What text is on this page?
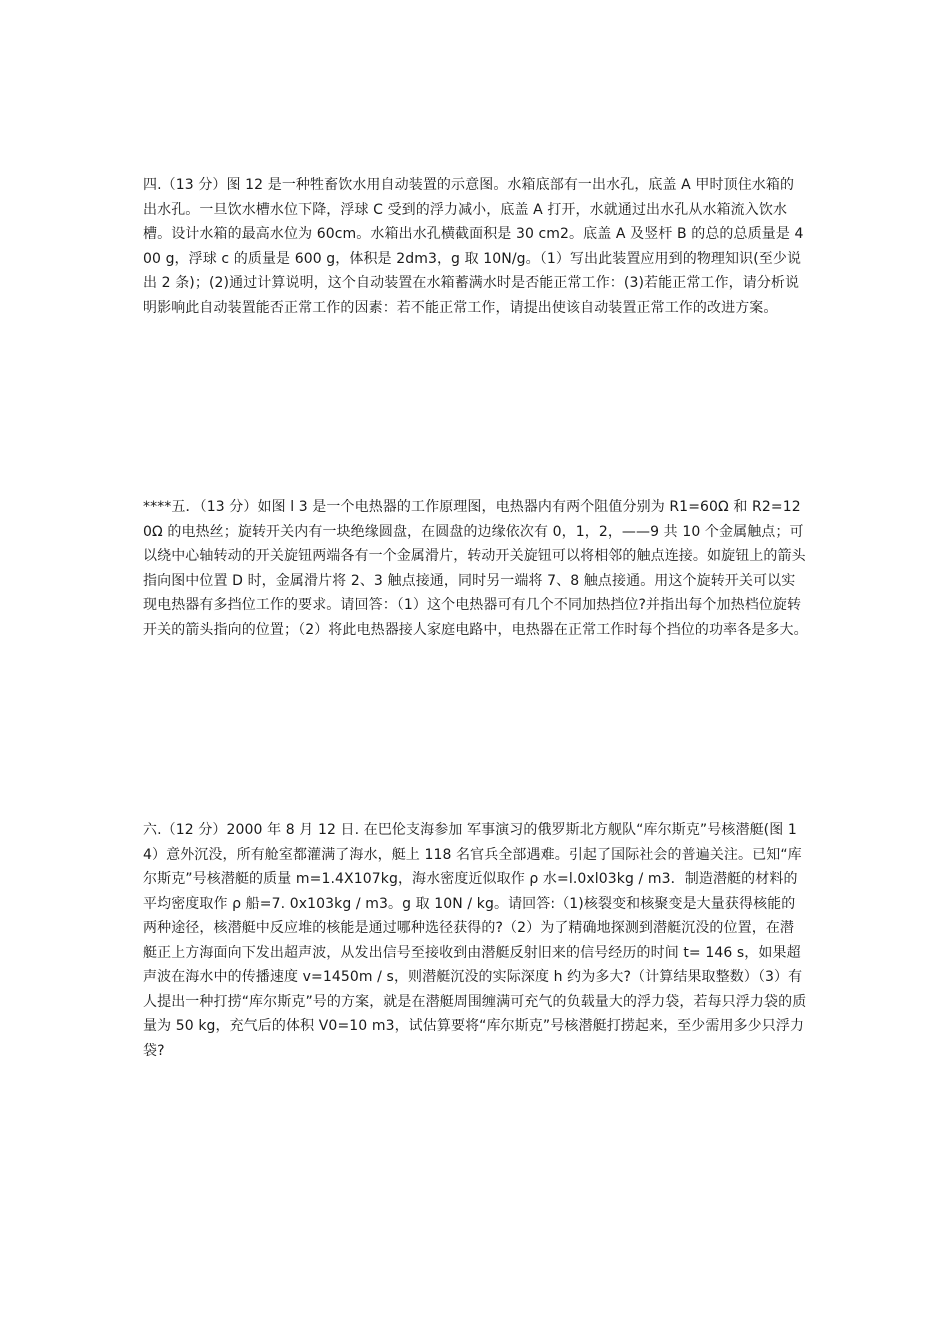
四.（13 分）图 12 是一种牲畜饮水用自动装置的示意图。水箱底部有一出水孔，底盖 A 甲时顶住水箱的出水孔。一旦饮水槽水位下降，浮球 C 受到的浮力减小，底盖 A 打开，水就通过出水孔从水箱流入饮水槽。设计水箱的最高水位为 60cm。水箱出水孔横截面积是 30 cm2。底盖 A 及竖杆 B 的总的总质量是 400 g，浮球 c 的质量是 600 g，体积是 2dm3，g 取 10N/g。（1）写出此装置应用到的物理知识(至少说出 2 条)；(2)通过计算说明，这个自动装置在水箱蓄满水时是否能正常工作：(3)若能正常工作，请分析说明影响此自动装置能否正常工作的因素：若不能正常工作，请提出使该自动装置正常工作的改进方案。

****五．（13 分）如图 l 3 是一个电热器的工作原理图，电热器内有两个阻值分别为 R1=60Ω 和 R2=120Ω 的电热丝；旋转开关内有一块绝缘圆盘，在圆盘的边缘依次有 0，1，2，——9 共 10 个金属触点；可以绕中心轴转动的开关旋钮两端各有一个金属滑片，转动开关旋钮可以将相邻的触点连接。如旋钮上的箭头指向图中位置 D 时，金属滑片将 2、3 触点接通，同时另一端将 7、8 触点接通。用这个旋转开关可以实现电热器有多挡位工作的要求。请回答：（1）这个电热器可有几个不同加热挡位?并指出每个加热档位旋转开关的箭头指向的位置；（2）将此电热器接人家庭电路中，电热器在正常工作时每个挡位的功率各是多大。

六.（12 分）2000 年 8 月 12 日. 在巴伦支海参加 军事演习的俄罗斯北方舰队“库尔斯克”号核潜艇(图 14）意外沉没，所有舱室都灌满了海水，艇上 118 名官兵全部遇难。引起了国际社会的普遍关注。已知“库尔斯克”号核潜艇的质量 m=1.4X107kg，海水密度近似取作 ρ 水=l.0xl03kg / m3．制造潜艇的材料的平均密度取作 ρ 船=7. 0x103kg / m3。g 取 10N / kg。请回答:（1)核裂变和核聚变是大量获得核能的两种途径，核潜艇中反应堆的核能是通过哪种选径获得的?（2）为了精确地探测到潜艇沉没的位置，在潜艇正上方海面向下发出超声波，从发出信号至接收到由潜艇反射旧来的信号经历的时间 t= 146 s，如果超声波在海水中的传播速度 v=1450m / s，则潜艇沉没的实际深度 h 约为多大?（计算结果取整数）（3）有人提出一种打捞“库尔斯克”号的方案，就是在潜艇周围缠满可充气的负载量大的浮力袋，若每只浮力袋的质量为 50 kg，充气后的体积 V0=10 m3，试估算要将“库尔斯克”号核潜艇打捞起来，至少需用多少只浮力袋?
